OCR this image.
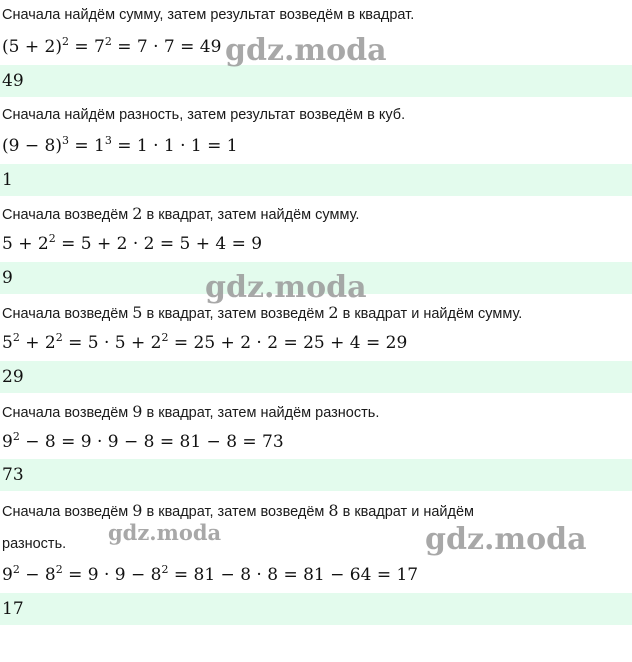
Сначала найдём сумму, затем результат возведём в квадрат.
$(5 + 2)^2 = 7^2 = 7 \cdot 7 = 49$
49
Сначала найдём разность, затем результат возведём в куб.
$(9 - 8)^3 = 1^3 = 1 \cdot 1 \cdot 1 = 1$
1
Сначала возведём 2 в квадрат, затем найдём сумму.
$5 + 2^2 = 5 + 2 \cdot 2 = 5 + 4 = 9$
9
Сначала возведём 5 в квадрат, затем возведём 2 в квадрат и найдём сумму.
$5^2 + 2^2 = 5 \cdot 5 + 2^2 = 25 + 2 \cdot 2 = 25 + 4 = 29$
29
Сначала возведём 9 в квадрат, затем найдём разность.
$9^2 - 8 = 9 \cdot 9 - 8 = 81 - 8 = 73$
73
Сначала возведём 9 в квадрат, затем возведём 8 в квадрат и найдём
разность.
$9^2 - 8^2 = 9 \cdot 9 - 8^2 = 81 - 8 \cdot 8 = 81 - 64 = 17$
17
gdz.moda
gdz.moda
gdz.moda	gdz.moda
